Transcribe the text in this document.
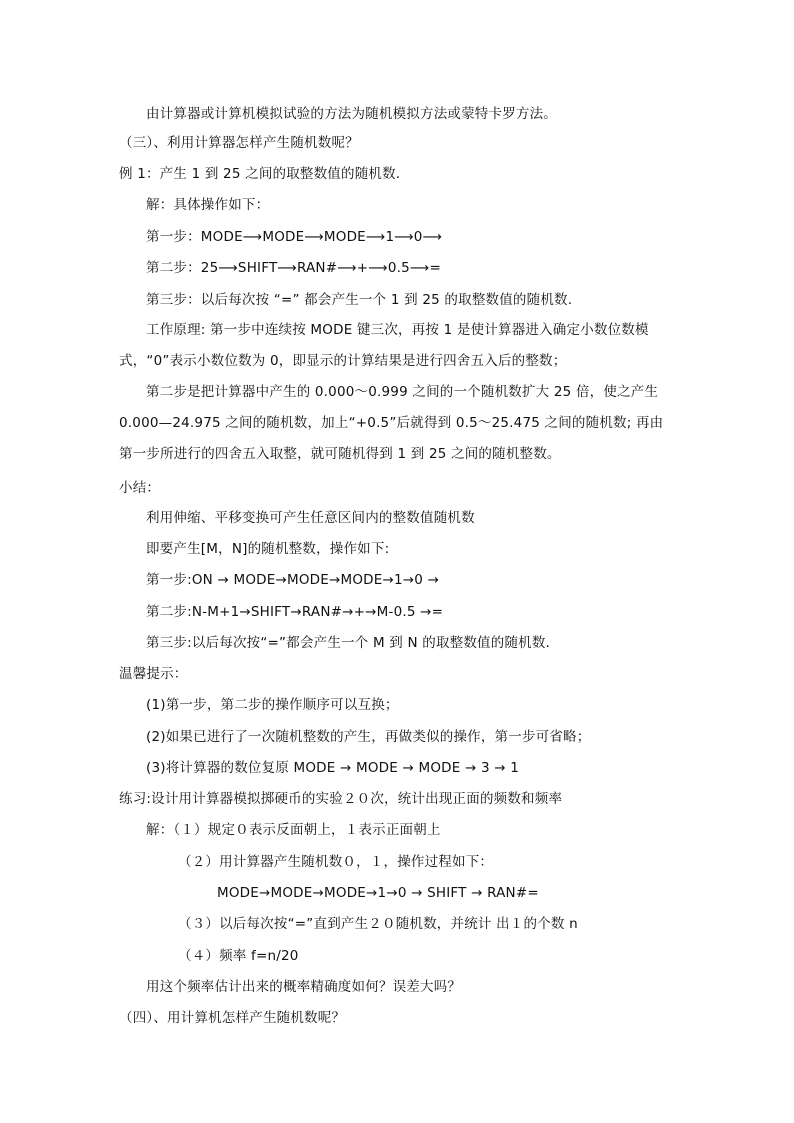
由计算器或计算机模拟试验的方法为随机模拟方法或蒙特卡罗方法。
（三）、利用计算器怎样产生随机数呢？
例 1：产生 1 到 25 之间的取整数值的随机数.
解：具体操作如下：
第一步：MODE⟶MODE⟶MODE⟶1⟶0⟶
第二步：25⟶SHIFT⟶RAN#⟶+⟶0.5⟶=
第三步：以后每次按 “=” 都会产生一个 1 到 25 的取整数值的随机数.
工作原理: 第一步中连续按 MODE 键三次，再按 1 是使计算器进入确定小数位数模式，“0”表示小数位数为 0，即显示的计算结果是进行四舍五入后的整数；
第二步是把计算器中产生的 0.000～0.999 之间的一个随机数扩大 25 倍，使之产生 0.000—24.975 之间的随机数，加上“+0.5”后就得到 0.5～25.475 之间的随机数; 再由第一步所进行的四舍五入取整，就可随机得到 1 到 25 之间的随机整数。
小结：
利用伸缩、平移变换可产生任意区间内的整数值随机数
即要产生[M，N]的随机整数，操作如下:
第一步:ON → MODE→MODE→MODE→1→0 →
第二步:N-M+1→SHIFT→RAN#→+→M-0.5 →=
第三步:以后每次按“=”都会产生一个 M 到 N 的取整数值的随机数.
温馨提示：
(1)第一步，第二步的操作顺序可以互换；
(2)如果已进行了一次随机整数的产生，再做类似的操作，第一步可省略；
(3)将计算器的数位复原 MODE → MODE → MODE → 3 → 1
练习:设计用计算器模拟掷硬币的实验２０次，统计出现正面的频数和频率
解：（１）规定０表示反面朝上，１表示正面朝上
（２）用计算器产生随机数０，１，操作过程如下：
MODE→MODE→MODE→1→0 → SHIFT → RAN#=
（３）以后每次按“=”直到产生２０随机数，并统计 出１的个数 n
（４）频率 f=n/20
用这个频率估计出来的概率精确度如何？误差大吗？
（四）、用计算机怎样产生随机数呢？
